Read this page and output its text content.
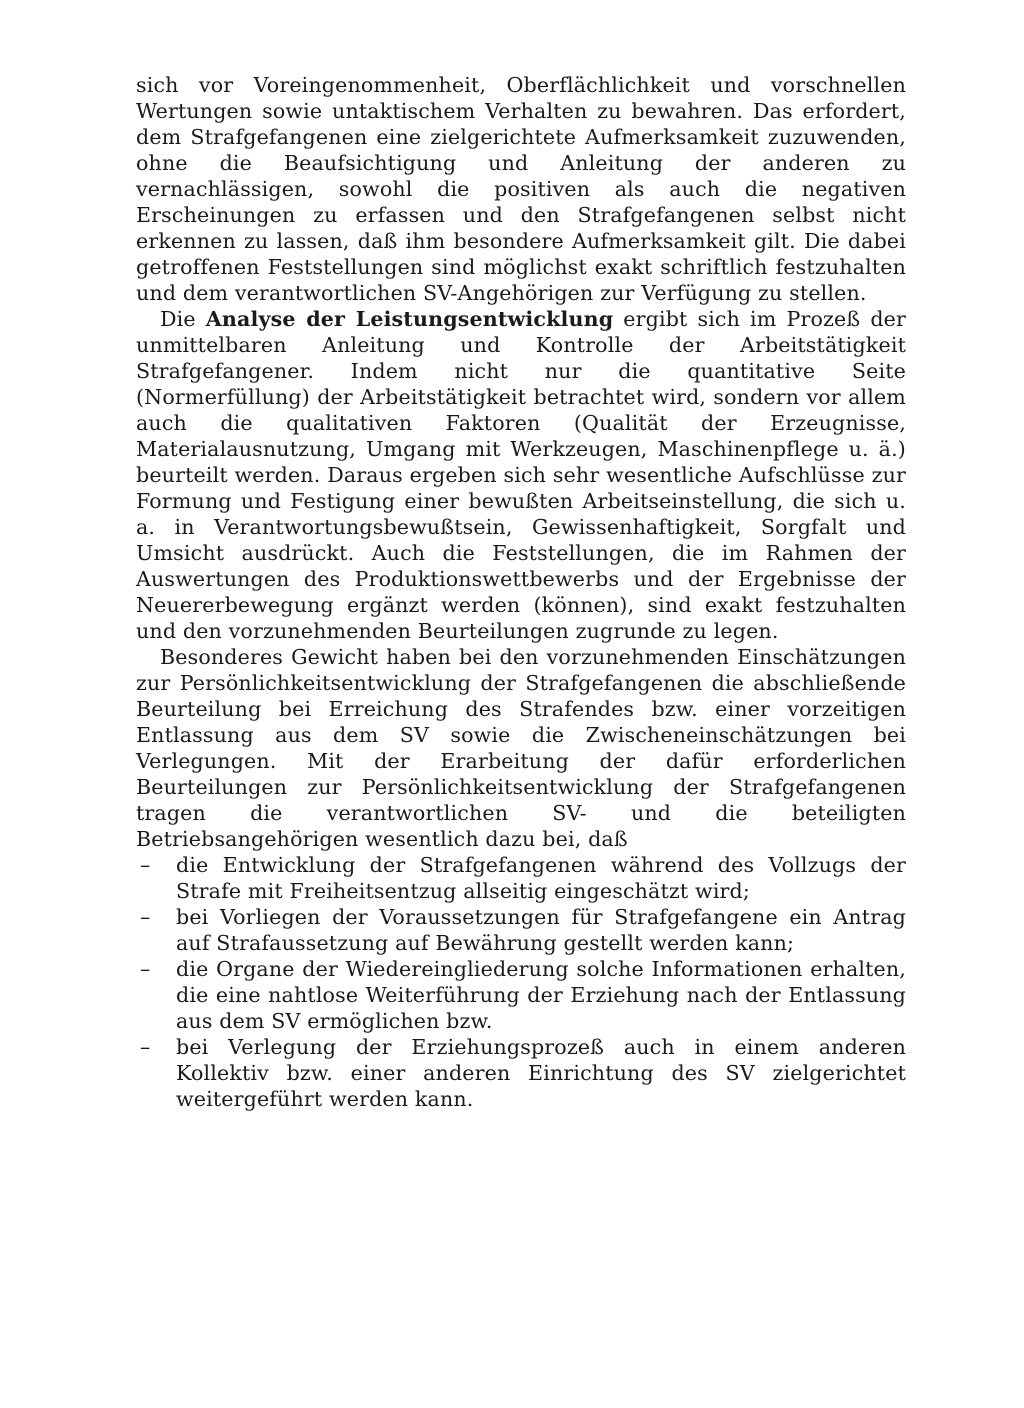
sich vor Voreingenommenheit, Oberflächlichkeit und vorschnellen Wertungen sowie untaktischem Verhalten zu bewahren. Das erfordert, dem Strafgefangenen eine zielgerichtete Aufmerksamkeit zuzuwenden, ohne die Beaufsichtigung und Anleitung der anderen zu vernachlässigen, sowohl die positiven als auch die negativen Erscheinungen zu erfassen und den Strafgefangenen selbst nicht erkennen zu lassen, daß ihm besondere Aufmerksamkeit gilt. Die dabei getroffenen Feststellungen sind möglichst exakt schriftlich festzuhalten und dem verantwortlichen SV-Angehörigen zur Verfügung zu stellen.

Die Analyse der Leistungsentwicklung ergibt sich im Prozeß der unmittelbaren Anleitung und Kontrolle der Arbeitstätigkeit Strafgefangener. Indem nicht nur die quantitative Seite (Normerfüllung) der Arbeitstätigkeit betrachtet wird, sondern vor allem auch die qualitativen Faktoren (Qualität der Erzeugnisse, Materialausnutzung, Umgang mit Werkzeugen, Maschinenpflege u. ä.) beurteilt werden. Daraus ergeben sich sehr wesentliche Aufschlüsse zur Formung und Festigung einer bewußten Arbeitseinstellung, die sich u. a. in Verantwortungsbewußtsein, Gewissenhaftigkeit, Sorgfalt und Umsicht ausdrückt. Auch die Feststellungen, die im Rahmen der Auswertungen des Produktionswettbewerbs und der Ergebnisse der Neuererbewegung ergänzt werden (können), sind exakt festzuhalten und den vorzunehmenden Beurteilungen zugrunde zu legen.

Besonderes Gewicht haben bei den vorzunehmenden Einschätzungen zur Persönlichkeitsentwicklung der Strafgefangenen die abschließende Beurteilung bei Erreichung des Strafendes bzw. einer vorzeitigen Entlassung aus dem SV sowie die Zwischeneinschätzungen bei Verlegungen. Mit der Erarbeitung der dafür erforderlichen Beurteilungen zur Persönlichkeitsentwicklung der Strafgefangenen tragen die verantwortlichen SV- und die beteiligten Betriebsangehörigen wesentlich dazu bei, daß

– die Entwicklung der Strafgefangenen während des Vollzugs der Strafe mit Freiheitsentzug allseitig eingeschätzt wird;
– bei Vorliegen der Voraussetzungen für Strafgefangene ein Antrag auf Strafaussetzung auf Bewährung gestellt werden kann;
– die Organe der Wiedereingliederung solche Informationen erhalten, die eine nahtlose Weiterführung der Erziehung nach der Entlassung aus dem SV ermöglichen bzw.
– bei Verlegung der Erziehungsprozeß auch in einem anderen Kollektiv bzw. einer anderen Einrichtung des SV zielgerichtet weitergeführt werden kann.
